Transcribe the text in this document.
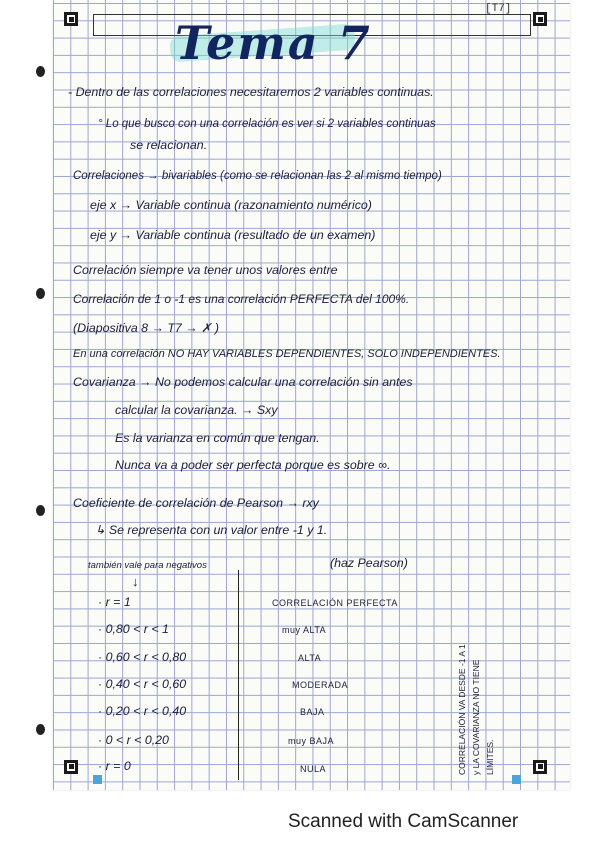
[T7]
Tema 7
- Dentro de las correlaciones necesitaremos 2 variables continuas.
° Lo que busco con una correlación es ver si 2 variables continuas
se relacionan.
Correlaciones → bivariables (como se relacionan las 2 al mismo tiempo)
eje x → Variable continua (razonamiento numérico)
eje y → Variable continua (resultado de un examen)
Correlación siempre va tener unos valores entre
Correlación de 1 o -1 es una correlación PERFECTA del 100%.
(Diapositiva 8 → T7 → ✗ )
En una correlación NO HAY VARIABLES DEPENDIENTES, SOLO INDEPENDIENTES.
Covarianza → No podemos calcular una correlación sin antes
calcular la covarianza. → Sxy
Es la varianza en común que tengan.
Nunca va a poder ser perfecta porque es sobre ∞.
Coeficiente de correlación de Pearson → rxy
↳ Se representa con un valor entre -1 y 1.
(haz Pearson)
también vale para negativos
↓
· r = 1	CORRELACIÓN PERFECTA
· 0,80 < r < 1	muy ALTA
· 0,60 < r < 0,80	ALTA
· 0,40 < r < 0,60	MODERADA
· 0,20 < r < 0,40	BAJA
· 0 < r < 0,20	muy BAJA
· r = 0	NULA	CORRELACIÓN VA DESDE -1 A 1
y LA COVARIANZA NO TIENE
LÍMITES.
Scanned with CamScanner
